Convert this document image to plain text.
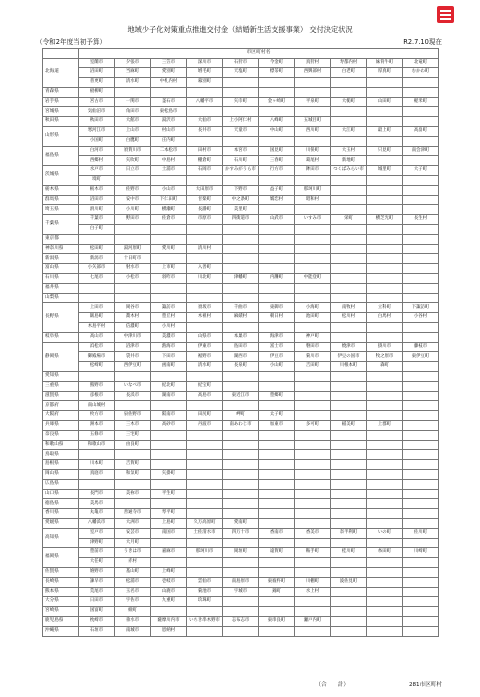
地域少子化対策重点推進交付金（結婚新生活支援事業） 交付決定状況
（令和2年度当初予算）	R2.7.10現在
	市区町村名									
北海道	室蘭市	夕張市	三笠市	深川市	石狩市	今金町	真狩村	寿都内村	妹背牛町	北竜町
	沼田町	当麻町	愛別町	増毛町	天塩町	標茶町	西興部村	白老町	厚真町	むかわ町
	普更町	清水町	中札内村	幕別町						
青森県	板柳町									
岩手県	宮古市	一関市	釜石市	八幡平市	矢巾町	金ヶ崎町	平泉町	大槌町	山田町	軽米町
宮城県	気仙沼市	角田市	東松島市							
秋田県	秋田市	大館市	湯沢市	大仙市	上小阿仁村	八峰町	五城目町			
山形県	寒河江市	上山市	村山市	長井市	天童市	中山町	西川町	大江町	最上町	高畠町
	小国町	白鷹町	庄内町							
福島県	白河市	須賀川市	二本松市	田村市	本宮市	国見町	川俣町	大玉村	只見町	南会津町
	西郷村	矢吹町	中島村	棚倉町	石川町	三春町	葛尾村	新地町		
茨城県	水戸市	日立市	土浦市	石岡市	かすみがうら市	行方市	鉾田市	つくばみらい市	城里町	大子町
	境町									
栃木県	栃木市	佐野市	小山市	大田原市	下野市	益子町	那珂川町			
群馬県	沼田市	安中市	下仁田町	甘楽町	中之条町	嬬恋村	昭和村			
埼玉県	滑川町	小川町	横瀬町	長瀞町	美里町					
千葉県	千葉市	野田市	佐倉市	市原市	四街道市	山武市	いすみ市	栄町	横芝光町	長生村
	白子町									
東京都										
神奈川県	松田町	湯河原町	愛川町	清川村						
新潟県	新潟市	十日町市								
富山県	小矢部市	射水市	上市町	入善町						
石川県	七尾市	小松市	羽咋市	川北町	津幡町	内灘町	中能登町			
福井県										
山梨県										
長野県	上田市	岡谷市	諏訪市	須坂市	千曲市	東御市	小海町	南牧村	立科町	下諏訪町
	飯島町	喬木村	豊丘村	木祖村	麻績村	朝日村	池田町	松川村	白馬村	小谷村
	木島平村	信濃町	小川村							
岐阜県	高山市	中津川市	美濃市	山県市	本巣市	海津市	神戸町			
静岡県	浜松市	沼津市	熱海市	伊東市	島田市	富士市	磐田市	焼津市	掛川市	藤枝市
	御殿場市	袋井市	下田市	裾野市	湖西市	伊豆市	菊川市	伊豆の国市	牧之原市	東伊豆町
	松崎町	西伊豆町	函南町	清水町	長泉町	小山町	吉田町	川根本町	森町	
愛知県										
三重県	熊野市	いなべ市	紀北町	紀宝町						
滋賀県	彦根市	長浜市	湖南市	高島市	東近江市	豊郷町				
京都府	南山城村									
大阪府	枚方市	泉佐野市	阪南市	田尻町	岬町	太子町				
兵庫県	洲本市	三木市	高砂市	丹波市	南あわじ市	加東市	多可町	稲美町	上郡町	
奈良県	五條市	三宅町								
和歌山県	和歌山市	由良町								
鳥取県										
島根県	川本町	吉賀町								
岡山県	真庭市	和気町	矢掛町							
広島県										
山口県	長門市	美祢市	平生町							
徳島県	美馬市									
香川県	丸亀市	善通寺市	琴平町							
愛媛県	八幡浜市	大洲市	上島町	久万高原町	愛南町					
高知県	室戸市	安芸市	南国市	土佐清水市	四万十市	香南市	香美市	奈半利町	いの町	佐川町
	津野町	大月町								
福岡県	豊前市	うきは市	嘉麻市	那珂川市	岡垣町	遠賀町	鞍手町	桂川町	糸田町	川崎町
	大任町	赤村								
佐賀県	嬉野市	基山町	上峰町							
長崎県	諫早市	松浦市	壱岐市	雲仙市	南島原市	東彼杵町	川棚町	波佐見町		
熊本県	荒尾市	玉名市	山鹿市	菊池市	宇城市	錦町	水上村			
大分県	日田市	宇佐市	九重町	玖珠町						
宮崎県	国富町	綾町								
鹿児島県	枕崎市	垂水市	薩摩川内市	いちき串木野市	志布志市	東串良町	瀬戸内町			
沖縄県	石垣市	南城市	恩納村							
（合　　計）	281市区町村
